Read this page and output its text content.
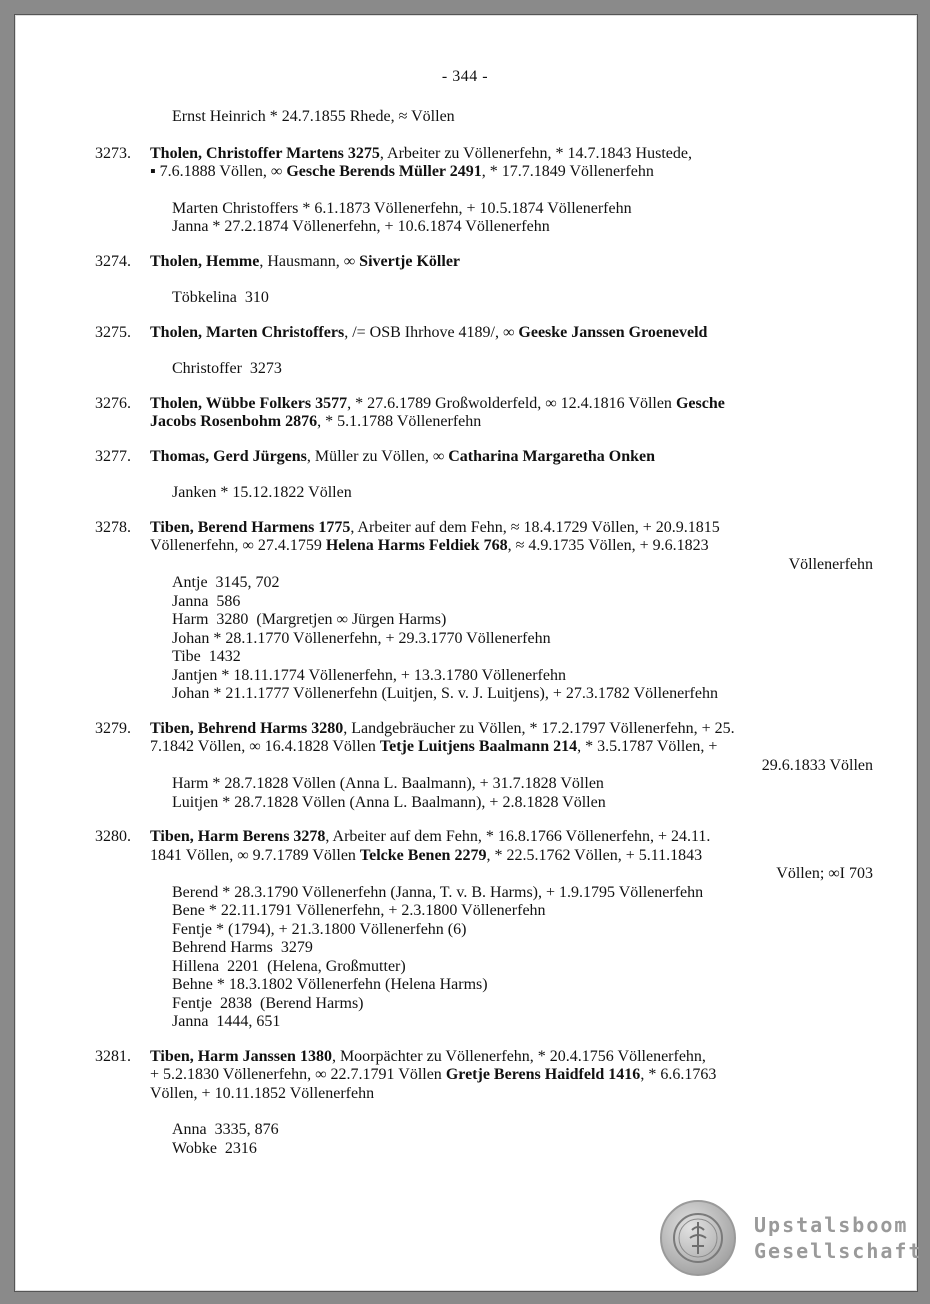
- 344 -
Ernst Heinrich * 24.7.1855 Rhede, ≈ Völlen
3273.	Tholen, Christoffer Martens 3275, Arbeiter zu Völlenerfehn, * 14.7.1843 Hustede,
▪ 7.6.1888 Völlen, ∞ Gesche Berends Müller 2491, * 17.7.1849 Völlenerfehn
Marten Christoffers * 6.1.1873 Völlenerfehn, + 10.5.1874 Völlenerfehn
Janna * 27.2.1874 Völlenerfehn, + 10.6.1874 Völlenerfehn
3274.	Tholen, Hemme, Hausmann, ∞ Sivertje Köller
Töbkelina  310
3275.	Tholen, Marten Christoffers, /= OSB Ihrhove 4189/, ∞ Geeske Janssen Groeneveld
Christoffer  3273
3276.	Tholen, Wübbe Folkers 3577, * 27.6.1789 Großwolderfeld, ∞ 12.4.1816 Völlen Gesche
Jacobs Rosenbohm 2876, * 5.1.1788 Völlenerfehn
3277.	Thomas, Gerd Jürgens, Müller zu Völlen, ∞ Catharina Margaretha Onken
Janken * 15.12.1822 Völlen
3278.	Tiben, Berend Harmens 1775, Arbeiter auf dem Fehn, ≈ 18.4.1729 Völlen, + 20.9.1815
Völlenerfehn, ∞ 27.4.1759 Helena Harms Feldiek 768, ≈ 4.9.1735 Völlen, + 9.6.1823
Völlenerfehn
Antje  3145, 702
Janna  586
Harm  3280  (Margretjen ∞ Jürgen Harms)
Johan * 28.1.1770 Völlenerfehn, + 29.3.1770 Völlenerfehn
Tibe  1432
Jantjen * 18.11.1774 Völlenerfehn, + 13.3.1780 Völlenerfehn
Johan * 21.1.1777 Völlenerfehn (Luitjen, S. v. J. Luitjens), + 27.3.1782 Völlenerfehn
3279.	Tiben, Behrend Harms 3280, Landgebräucher zu Völlen, * 17.2.1797 Völlenerfehn, + 25.
7.1842 Völlen, ∞ 16.4.1828 Völlen Tetje Luitjens Baalmann 214, * 3.5.1787 Völlen, +
29.6.1833 Völlen
Harm * 28.7.1828 Völlen (Anna L. Baalmann), + 31.7.1828 Völlen
Luitjen * 28.7.1828 Völlen (Anna L. Baalmann), + 2.8.1828 Völlen
3280.	Tiben, Harm Berens 3278, Arbeiter auf dem Fehn, * 16.8.1766 Völlenerfehn, + 24.11.
1841 Völlen, ∞ 9.7.1789 Völlen Telcke Benen 2279, * 22.5.1762 Völlen, + 5.11.1843
Völlen; ∞I 703
Berend * 28.3.1790 Völlenerfehn (Janna, T. v. B. Harms), + 1.9.1795 Völlenerfehn
Bene * 22.11.1791 Völlenerfehn, + 2.3.1800 Völlenerfehn
Fentje * (1794), + 21.3.1800 Völlenerfehn (6)
Behrend Harms  3279
Hillena  2201  (Helena, Großmutter)
Behne * 18.3.1802 Völlenerfehn (Helena Harms)
Fentje  2838  (Berend Harms)
Janna  1444, 651
3281.	Tiben, Harm Janssen 1380, Moorpächter zu Völlenerfehn, * 20.4.1756 Völlenerfehn,
+ 5.2.1830 Völlenerfehn, ∞ 22.7.1791 Völlen Gretje Berens Haidfeld 1416, * 6.6.1763
Völlen, + 10.11.1852 Völlenerfehn
Anna  3335, 876
Wobke  2316
Upstalsboom
Gesellschaft
